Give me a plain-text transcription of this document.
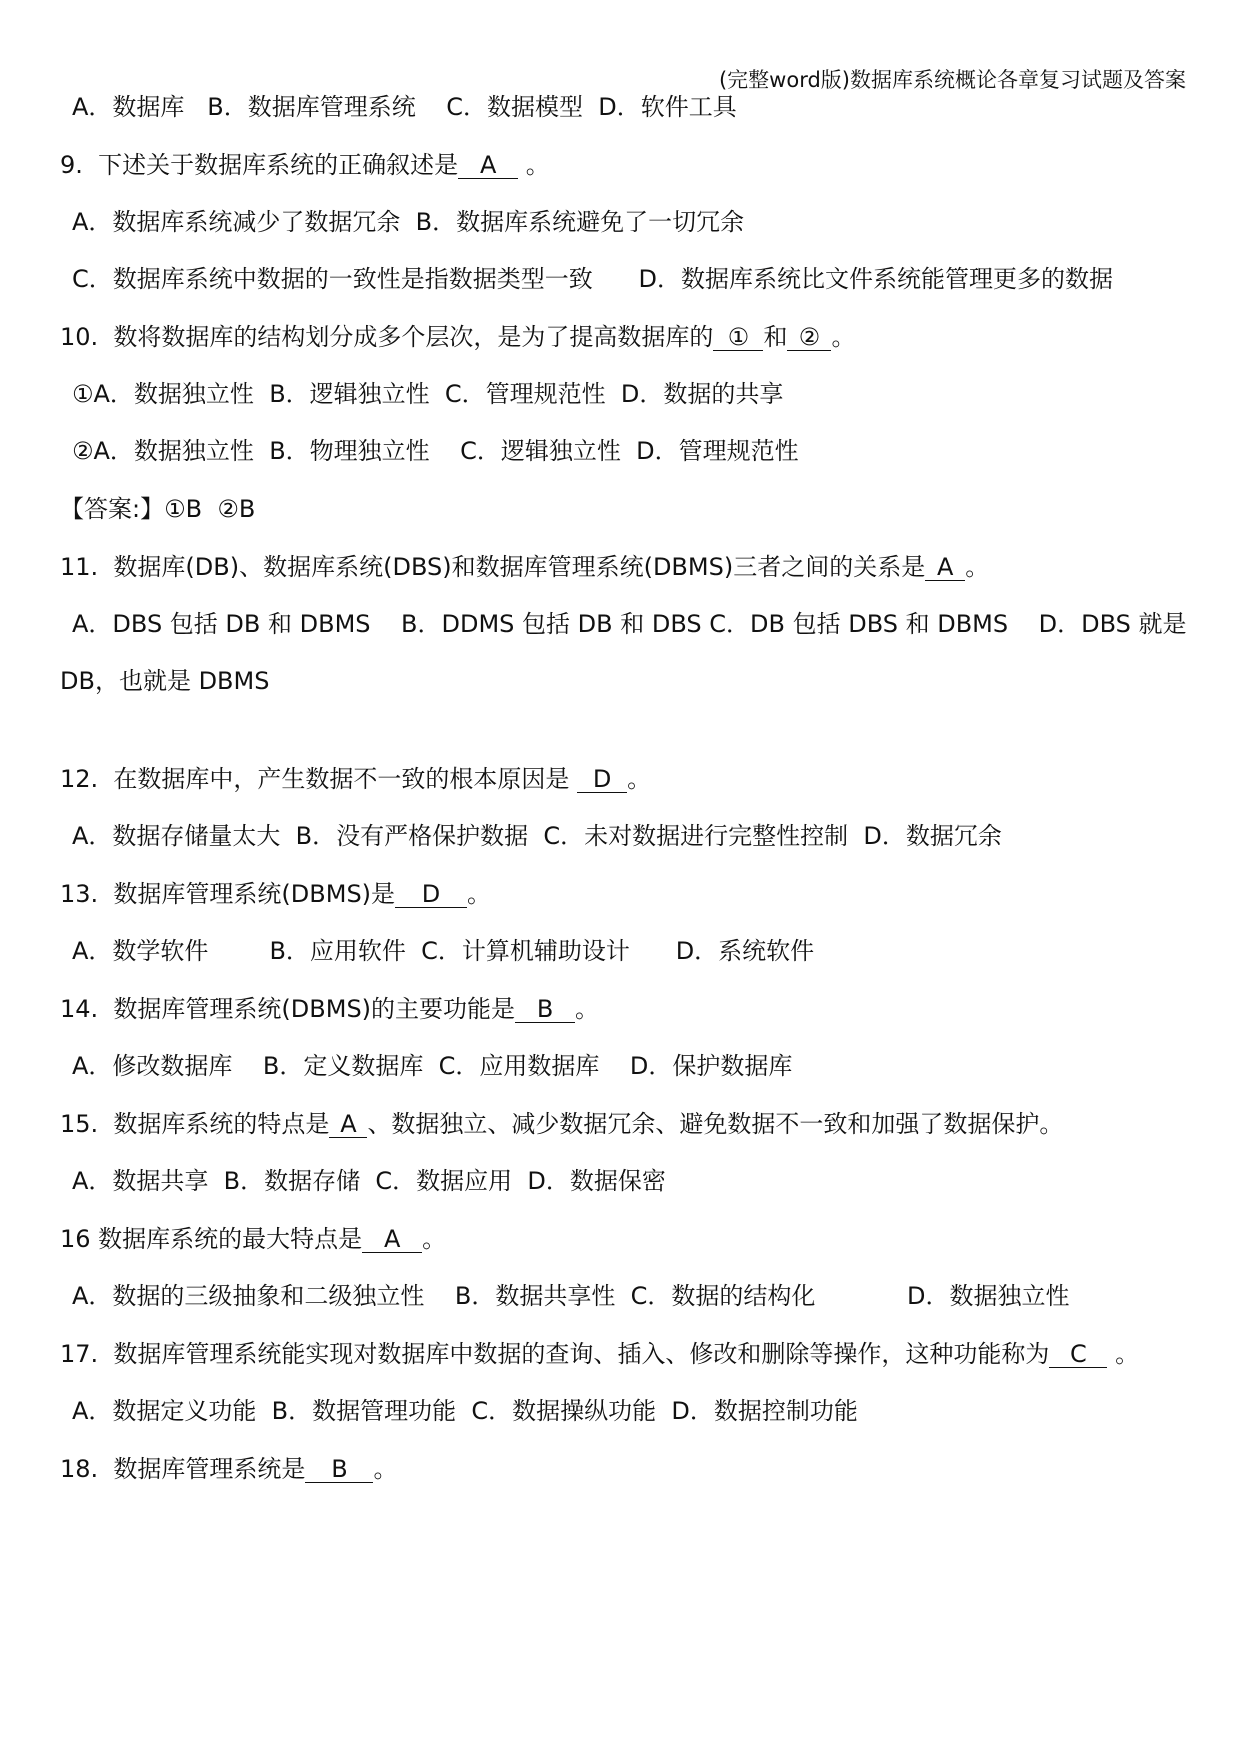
(完整word版)数据库系统概论各章复习试题及答案
A．数据库   B．数据库管理系统    C．数据模型  D．软件工具
9.  下述关于数据库系统的正确叙述是 A 。
A．数据库系统减少了数据冗余  B．数据库系统避免了一切冗余
C．数据库系统中数据的一致性是指数据类型一致      D．数据库系统比文件系统能管理更多的数据
10.  数将数据库的结构划分成多个层次，是为了提高数据库的 ① 和 ② 。
①A．数据独立性  B．逻辑独立性  C．管理规范性  D．数据的共享
②A．数据独立性  B．物理独立性    C．逻辑独立性  D．管理规范性
【答案:】①B  ②B
11.  数据库(DB)、数据库系统(DBS)和数据库管理系统(DBMS)三者之间的关系是 A 。
A．DBS 包括 DB 和 DBMS    B．DDMS 包括 DB 和 DBS C．DB 包括 DBS 和 DBMS    D．DBS 就是
DB，也就是 DBMS
12.  在数据库中，产生数据不一致的根本原因是 D 。
A．数据存储量太大  B．没有严格保护数据  C．未对数据进行完整性控制  D．数据冗余
13.  数据库管理系统(DBMS)是 D 。
A．数学软件        B．应用软件  C．计算机辅助设计      D．系统软件
14.  数据库管理系统(DBMS)的主要功能是 B 。
A．修改数据库    B．定义数据库  C．应用数据库    D．保护数据库
15.  数据库系统的特点是 A 、数据独立、减少数据冗余、避免数据不一致和加强了数据保护。
A．数据共享  B．数据存储  C．数据应用  D．数据保密
16 数据库系统的最大特点是 A 。
A．数据的三级抽象和二级独立性    B．数据共享性  C．数据的结构化            D．数据独立性
17.  数据库管理系统能实现对数据库中数据的查询、插入、修改和删除等操作，这种功能称为 C 。
A．数据定义功能  B．数据管理功能  C．数据操纵功能  D．数据控制功能
18.  数据库管理系统是 B 。
